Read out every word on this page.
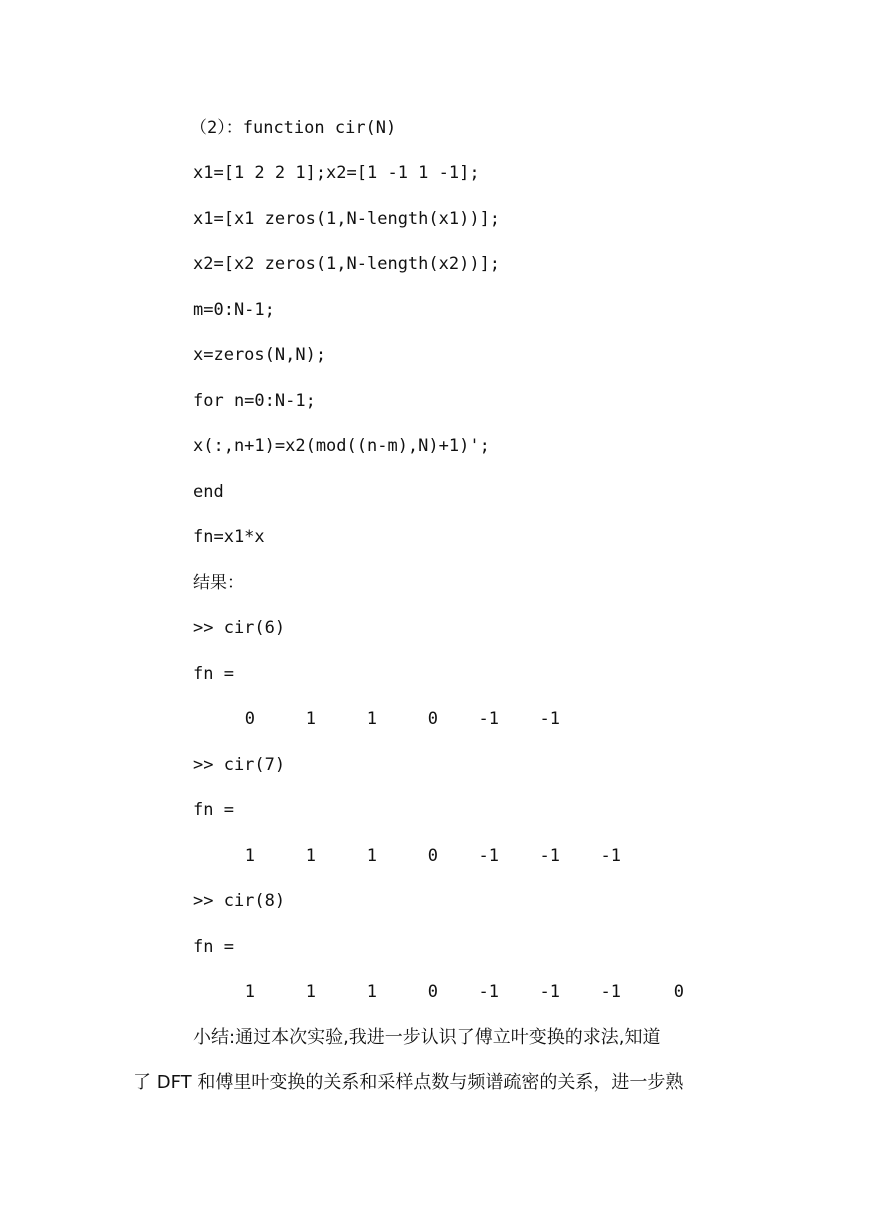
（2）：function cir(N)
x1=[1 2 2 1];x2=[1 -1 1 -1];
x1=[x1 zeros(1,N-length(x1))];
x2=[x2 zeros(1,N-length(x2))];
m=0:N-1;
x=zeros(N,N);
for n=0:N-1;
x(:,n+1)=x2(mod((n-m),N)+1)';
end
fn=x1*x
结果：
>> cir(6)
fn =
0	1	1	0	-1	-1
>> cir(7)
fn =
1	1	1	0	-1	-1	-1
>> cir(8)
fn =
1	1	1	0	-1	-1	-1	0
小结:通过本次实验,我进一步认识了傅立叶变换的求法,知道
了 DFT 和傅里叶变换的关系和采样点数与频谱疏密的关系，进一步熟
